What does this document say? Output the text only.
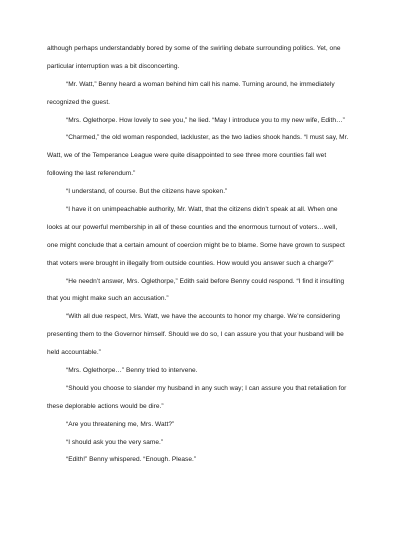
although perhaps understandably bored by some of the swirling debate surrounding politics. Yet, one
particular interruption was a bit disconcerting.
“Mr. Watt,” Benny heard a woman behind him call his name. Turning around, he immediately
recognized the guest.
“Mrs. Oglethorpe. How lovely to see you,” he lied. “May I introduce you to my new wife, Edith…”
“Charmed,” the old woman responded, lackluster, as the two ladies shook hands. “I must say, Mr.
Watt, we of the Temperance League were quite disappointed to see three more counties fall wet
following the last referendum.”
“I understand, of course. But the citizens have spoken.”
“I have it on unimpeachable authority, Mr. Watt, that the citizens didn’t speak at all. When one
looks at our powerful membership in all of these counties and the enormous turnout of voters…well,
one might conclude that a certain amount of coercion might be to blame. Some have grown to suspect
that voters were brought in illegally from outside counties. How would you answer such a charge?”
“He needn’t answer, Mrs. Oglethorpe,” Edith said before Benny could respond. “I find it insulting
that you might make such an accusation.”
“With all due respect, Mrs. Watt, we have the accounts to honor my charge. We’re considering
presenting them to the Governor himself. Should we do so, I can assure you that your husband will be
held accountable.”
“Mrs. Oglethorpe…” Benny tried to intervene.
“Should you choose to slander my husband in any such way; I can assure you that retaliation for
these deplorable actions would be dire.”
“Are you threatening me, Mrs. Watt?”
“I should ask you the very same.”
“Edith!” Benny whispered. “Enough. Please.”
